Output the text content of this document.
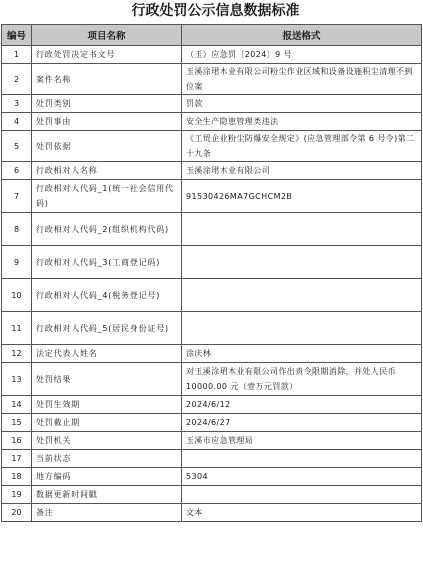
行政处罚公示信息数据标准
编号	项目名称	报送格式
1	行政处罚决定书文号	（玉）应急罚〔2024〕9 号
2	案件名称	玉溪涂珺木业有限公司粉尘作业区域和设备设施积尘清理不到位案
3	处罚类别	罚款
4	处罚事由	安全生产隐患管理类违法
5	处罚依据	《工贸企业粉尘防爆安全规定》(应急管理部令第 6 号令)第二十九条
6	行政相对人名称	玉溪涂珺木业有限公司
7	行政相对人代码_1(统一社会信用代码)	91530426MA7GCHCM2B
8	行政相对人代码_2(组织机构代码)	
9	行政相对人代码_3(工商登记码)	
10	行政相对人代码_4(税务登记号)	
11	行政相对人代码_5(居民身份证号)	
12	法定代表人姓名	涂庆林
13	处罚结果	对玉溪涂珺木业有限公司作出责令限期消除，并处人民币 10000.00 元（壹万元罚款）
14	处罚生效期	2024/6/12
15	处罚截止期	2024/6/27
16	处罚机关	玉溪市应急管理局
17	当前状态	
18	地方编码	5304
19	数据更新时间戳	
20	备注	文本
